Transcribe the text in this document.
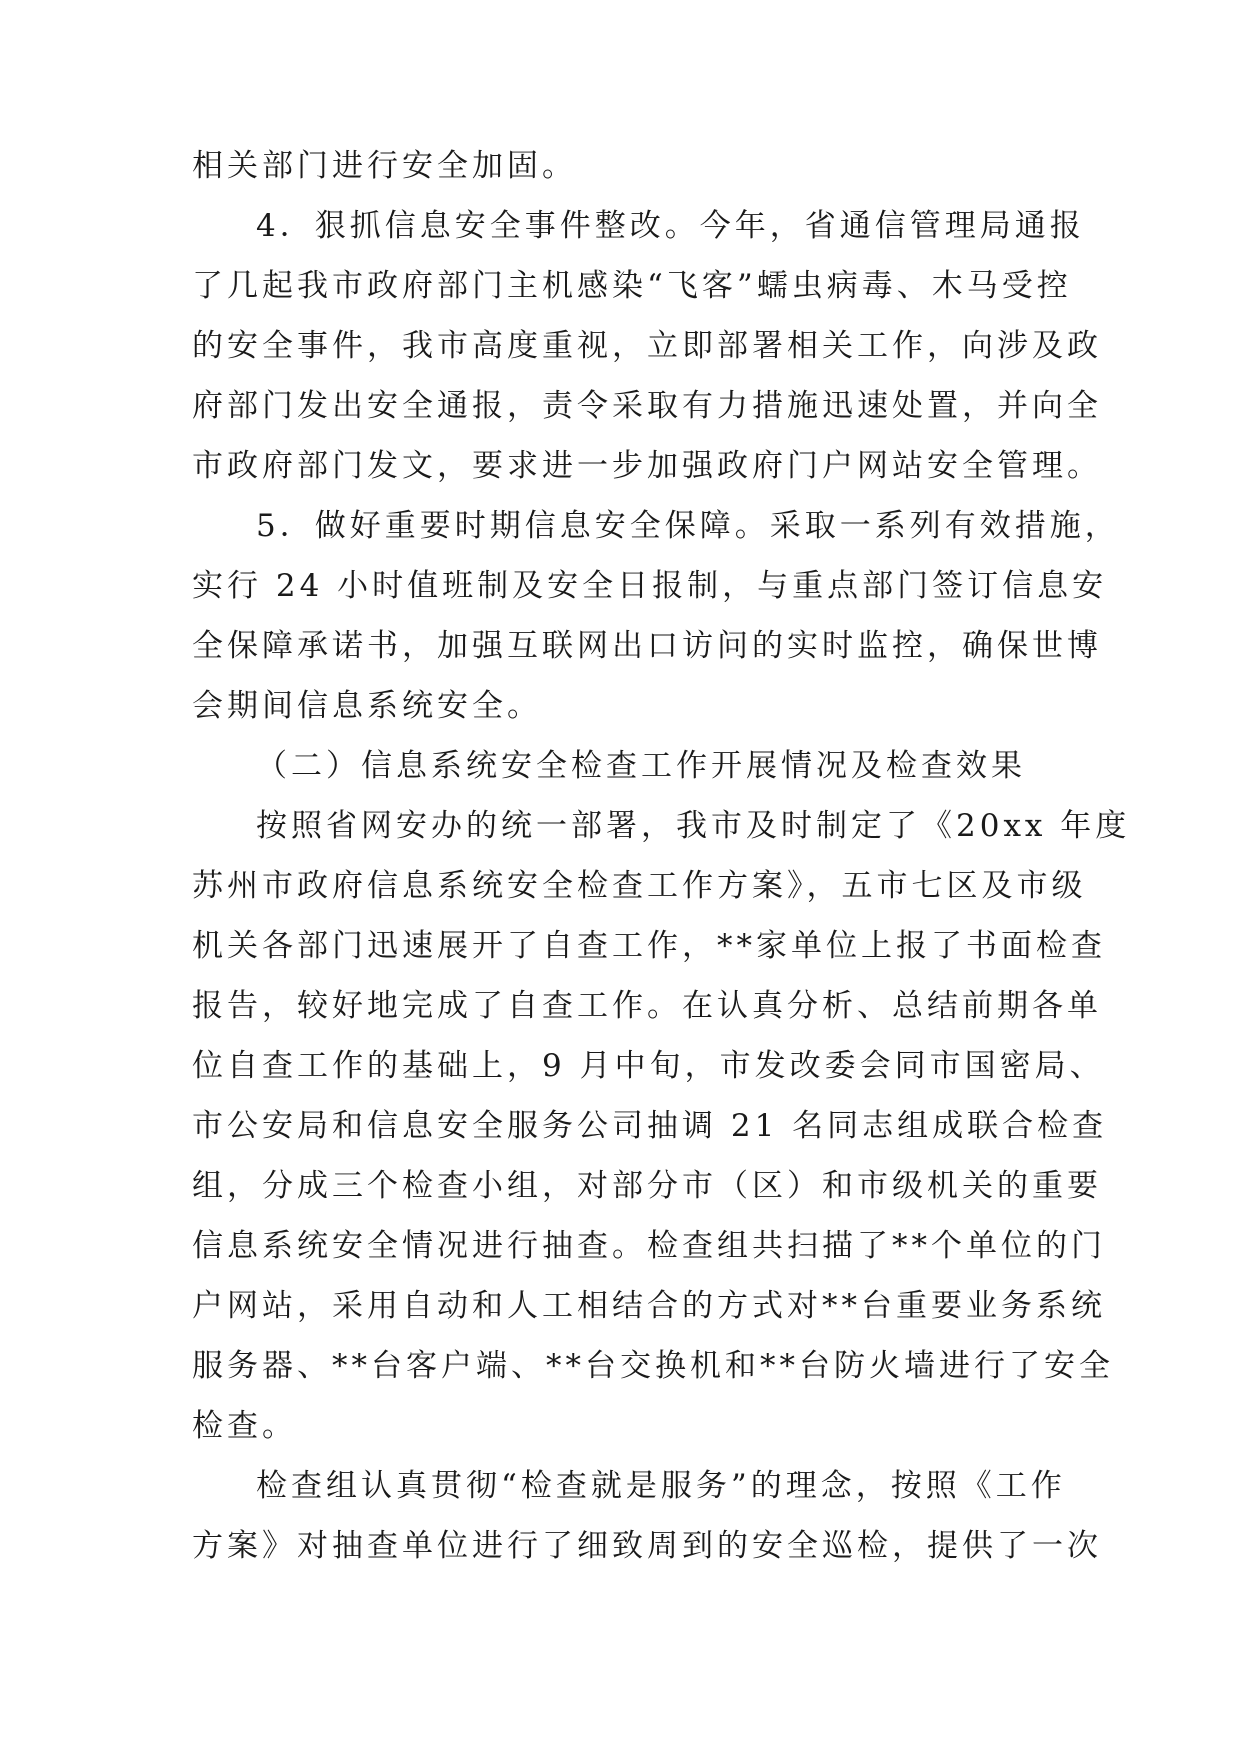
相关部门进行安全加固。
4．狠抓信息安全事件整改。今年，省通信管理局通报
了几起我市政府部门主机感染“飞客”蠕虫病毒、木马受控
的安全事件，我市高度重视，立即部署相关工作，向涉及政
府部门发出安全通报，责令采取有力措施迅速处置，并向全
市政府部门发文，要求进一步加强政府门户网站安全管理。
5．做好重要时期信息安全保障。采取一系列有效措施，
实行 24 小时值班制及安全日报制，与重点部门签订信息安
全保障承诺书，加强互联网出口访问的实时监控，确保世博
会期间信息系统安全。
（二）信息系统安全检查工作开展情况及检查效果
按照省网安办的统一部署，我市及时制定了《20xx 年度
苏州市政府信息系统安全检查工作方案》，五市七区及市级
机关各部门迅速展开了自查工作，**家单位上报了书面检查
报告，较好地完成了自查工作。在认真分析、总结前期各单
位自查工作的基础上，9 月中旬，市发改委会同市国密局、
市公安局和信息安全服务公司抽调 21 名同志组成联合检查
组，分成三个检查小组，对部分市（区）和市级机关的重要
信息系统安全情况进行抽查。检查组共扫描了**个单位的门
户网站，采用自动和人工相结合的方式对**台重要业务系统
服务器、**台客户端、**台交换机和**台防火墙进行了安全
检查。
检查组认真贯彻“检查就是服务”的理念，按照《工作
方案》对抽查单位进行了细致周到的安全巡检，提供了一次
